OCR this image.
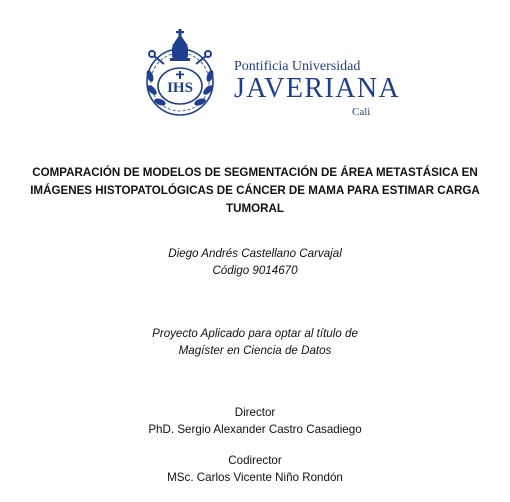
IHS
Pontificia Universidad
JAVERIANA
Cali
COMPARACIÓN DE MODELOS DE SEGMENTACIÓN DE ÁREA METASTÁSICA EN
IMÁGENES HISTOPATOLÓGICAS DE CÁNCER DE MAMA PARA ESTIMAR CARGA
TUMORAL
Diego Andrés Castellano Carvajal
Código 9014670
Proyecto Aplicado para optar al título de
Magíster en Ciencia de Datos
Director
PhD. Sergio Alexander Castro Casadiego
Codirector
MSc. Carlos Vicente Niño Rondón
